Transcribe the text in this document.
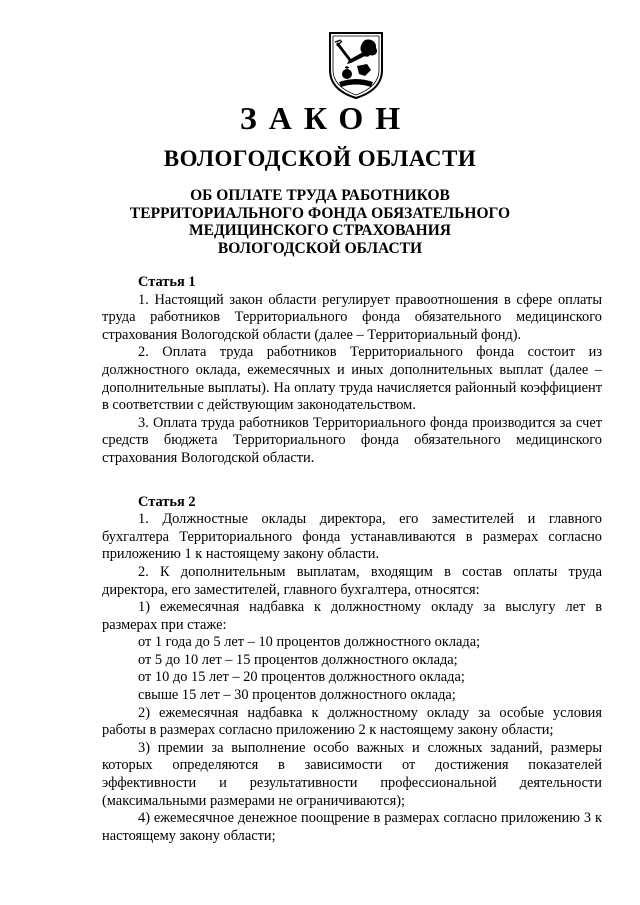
ЗАКОН
ВОЛОГОДСКОЙ ОБЛАСТИ
ОБ ОПЛАТЕ ТРУДА РАБОТНИКОВ
ТЕРРИТОРИАЛЬНОГО ФОНДА ОБЯЗАТЕЛЬНОГО
МЕДИЦИНСКОГО СТРАХОВАНИЯ
ВОЛОГОДСКОЙ ОБЛАСТИ

Статья 1

1. Настоящий закон области регулирует правоотношения в сфере оплаты труда работников Территориального фонда обязательного медицинского страхования Вологодской области (далее – Территориальный фонд).

2. Оплата труда работников Территориального фонда состоит из должностного оклада, ежемесячных и иных дополнительных выплат (далее – дополнительные выплаты). На оплату труда начисляется районный коэффициент в соответствии с действующим законодательством.

3. Оплата труда работников Территориального фонда производится за счет средств бюджета Территориального фонда обязательного медицинского страхования Вологодской области.

Статья 2

1. Должностные оклады директора, его заместителей и главного бухгалтера Территориального фонда устанавливаются в размерах согласно приложению 1 к настоящему закону области.

2. К дополнительным выплатам, входящим в состав оплаты труда директора, его заместителей, главного бухгалтера, относятся:

1) ежемесячная надбавка к должностному окладу за выслугу лет в размерах при стаже:

от 1 года до 5 лет – 10 процентов должностного оклада;

от 5 до 10 лет – 15 процентов должностного оклада;

от 10 до 15 лет – 20 процентов должностного оклада;

свыше 15 лет – 30 процентов должностного оклада;

2) ежемесячная надбавка к должностному окладу за особые условия работы в размерах согласно приложению 2 к настоящему закону области;

3) премии за выполнение особо важных и сложных заданий, размеры которых определяются в зависимости от достижения показателей эффективности и результативности профессиональной деятельности (максимальными размерами не ограничиваются);

4) ежемесячное денежное поощрение в размерах согласно приложению 3 к настоящему закону области;
